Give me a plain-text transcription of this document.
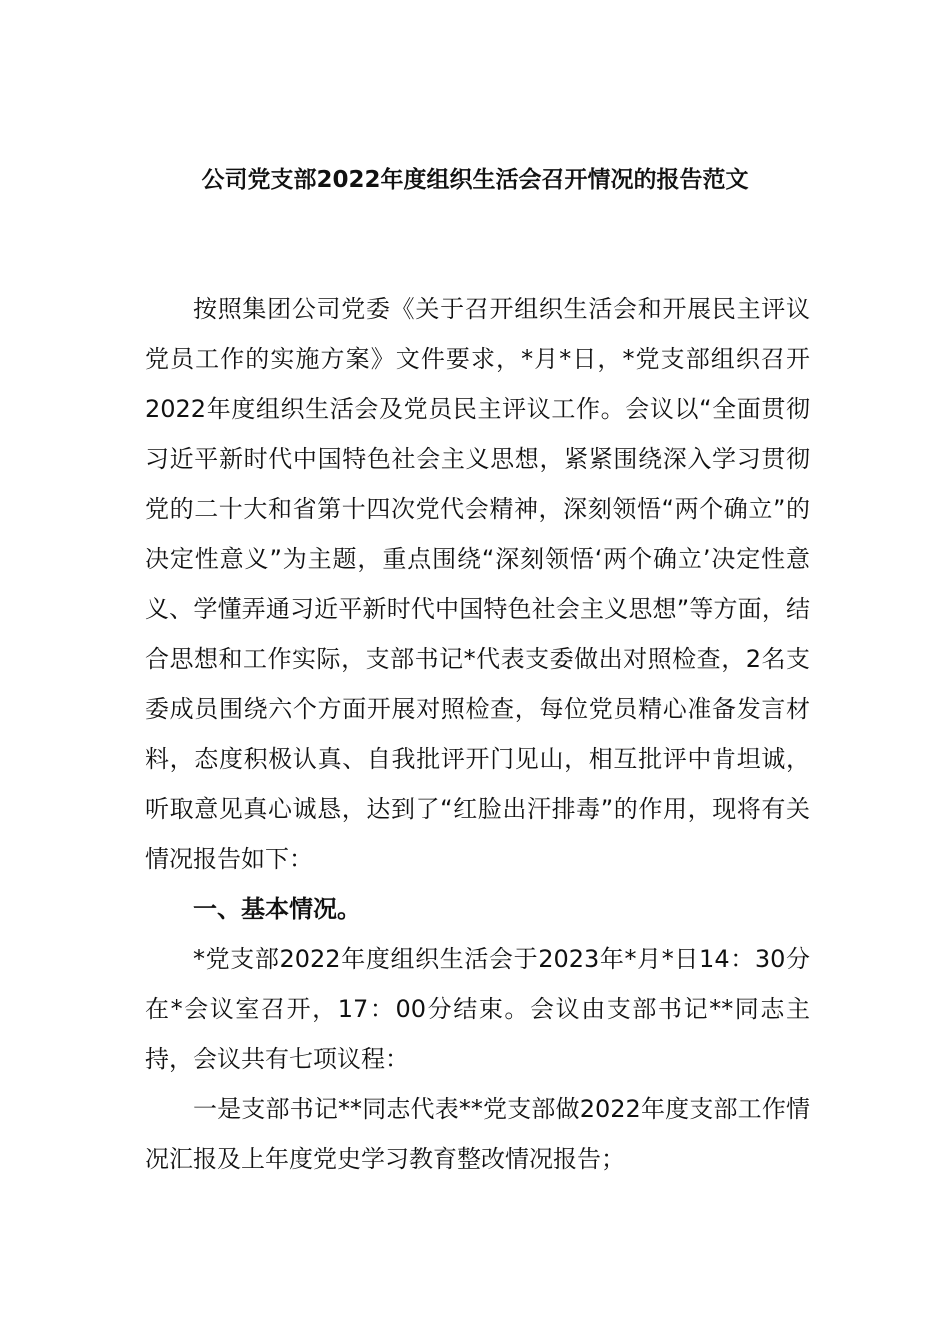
公司党支部2022年度组织生活会召开情况的报告范文

按照集团公司党委《关于召开组织生活会和开展民主评议党员工作的实施方案》文件要求，*月*日，*党支部组织召开2022年度组织生活会及党员民主评议工作。会议以“全面贯彻习近平新时代中国特色社会主义思想，紧紧围绕深入学习贯彻党的二十大和省第十四次党代会精神，深刻领悟“两个确立”的决定性意义”为主题，重点围绕“深刻领悟‘两个确立’决定性意义、学懂弄通习近平新时代中国特色社会主义思想”等方面，结合思想和工作实际，支部书记*代表支委做出对照检查，2名支委成员围绕六个方面开展对照检查，每位党员精心准备发言材料，态度积极认真、自我批评开门见山，相互批评中肯坦诚，听取意见真心诚恳，达到了“红脸出汗排毒”的作用，现将有关情况报告如下：

一、基本情况。

*党支部2022年度组织生活会于2023年*月*日14：30分在*会议室召开，17：00分结束。会议由支部书记**同志主持，会议共有七项议程：

一是支部书记**同志代表**党支部做2022年度支部工作情况汇报及上年度党史学习教育整改情况报告；
